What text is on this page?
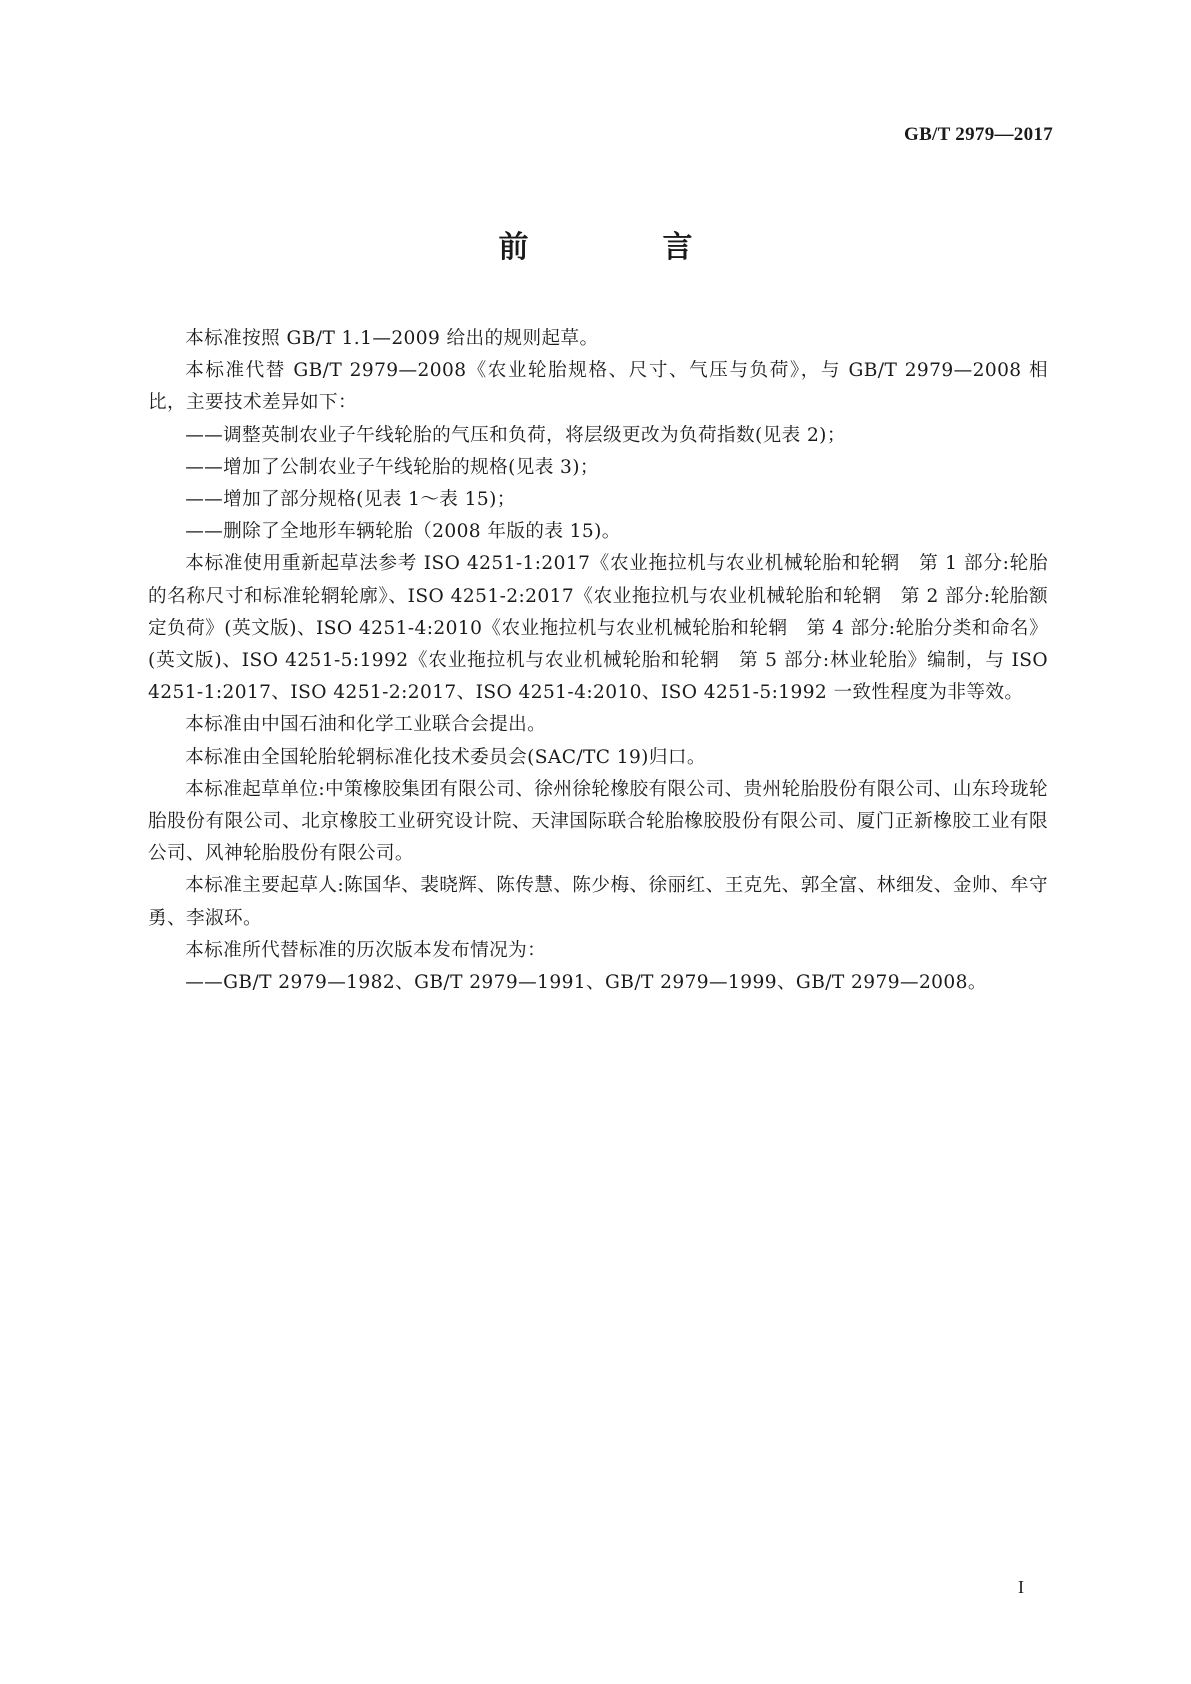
GB/T 2979—2017
前　言

本标准按照 GB/T 1.1—2009 给出的规则起草。

本标准代替 GB/T 2979—2008《农业轮胎规格、尺寸、气压与负荷》，与 GB/T 2979—2008 相比，主要技术差异如下：

——调整英制农业子午线轮胎的气压和负荷，将层级更改为负荷指数(见表 2)；

——增加了公制农业子午线轮胎的规格(见表 3)；

——增加了部分规格(见表 1～表 15)；

——删除了全地形车辆轮胎（2008 年版的表 15)。

本标准使用重新起草法参考 ISO 4251-1:2017《农业拖拉机与农业机械轮胎和轮辋　第 1 部分:轮胎的名称尺寸和标准轮辋轮廓》、ISO 4251-2:2017《农业拖拉机与农业机械轮胎和轮辋　第 2 部分:轮胎额定负荷》(英文版)、ISO 4251-4:2010《农业拖拉机与农业机械轮胎和轮辋　第 4 部分:轮胎分类和命名》(英文版)、ISO 4251-5:1992《农业拖拉机与农业机械轮胎和轮辋　第 5 部分:林业轮胎》编制，与 ISO 4251-1:2017、ISO 4251-2:2017、ISO 4251-4:2010、ISO 4251-5:1992 一致性程度为非等效。

本标准由中国石油和化学工业联合会提出。

本标准由全国轮胎轮辋标准化技术委员会(SAC/TC 19)归口。

本标准起草单位:中策橡胶集团有限公司、徐州徐轮橡胶有限公司、贵州轮胎股份有限公司、山东玲珑轮胎股份有限公司、北京橡胶工业研究设计院、天津国际联合轮胎橡胶股份有限公司、厦门正新橡胶工业有限公司、风神轮胎股份有限公司。

本标准主要起草人:陈国华、裴晓辉、陈传慧、陈少梅、徐丽红、王克先、郭全富、林细发、金帅、牟守勇、李淑环。

本标准所代替标准的历次版本发布情况为：

——GB/T 2979—1982、GB/T 2979—1991、GB/T 2979—1999、GB/T 2979—2008。

I
